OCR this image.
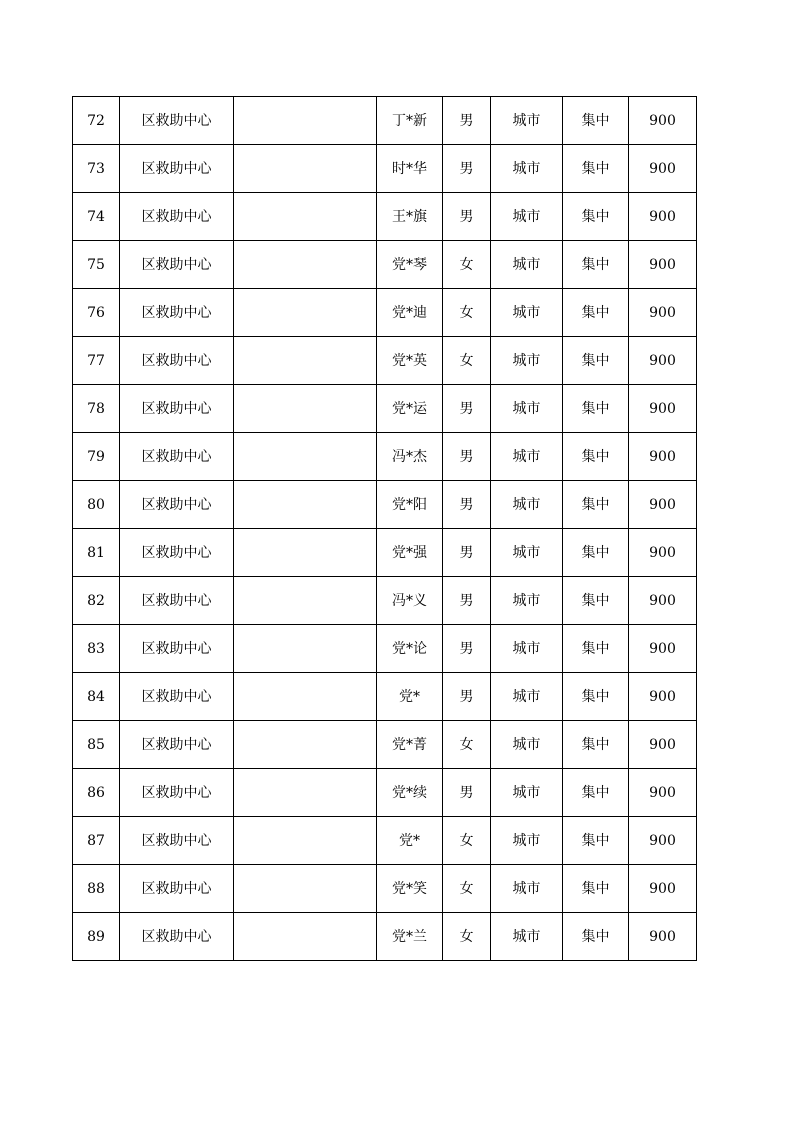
72	区救助中心		丁*新	男	城市	集中	900
73	区救助中心		时*华	男	城市	集中	900
74	区救助中心		王*旗	男	城市	集中	900
75	区救助中心		党*琴	女	城市	集中	900
76	区救助中心		党*迪	女	城市	集中	900
77	区救助中心		党*英	女	城市	集中	900
78	区救助中心		党*运	男	城市	集中	900
79	区救助中心		冯*杰	男	城市	集中	900
80	区救助中心		党*阳	男	城市	集中	900
81	区救助中心		党*强	男	城市	集中	900
82	区救助中心		冯*义	男	城市	集中	900
83	区救助中心		党*论	男	城市	集中	900
84	区救助中心		党*	男	城市	集中	900
85	区救助中心		党*菁	女	城市	集中	900
86	区救助中心		党*续	男	城市	集中	900
87	区救助中心		党*	女	城市	集中	900
88	区救助中心		党*笑	女	城市	集中	900
89	区救助中心		党*兰	女	城市	集中	900
